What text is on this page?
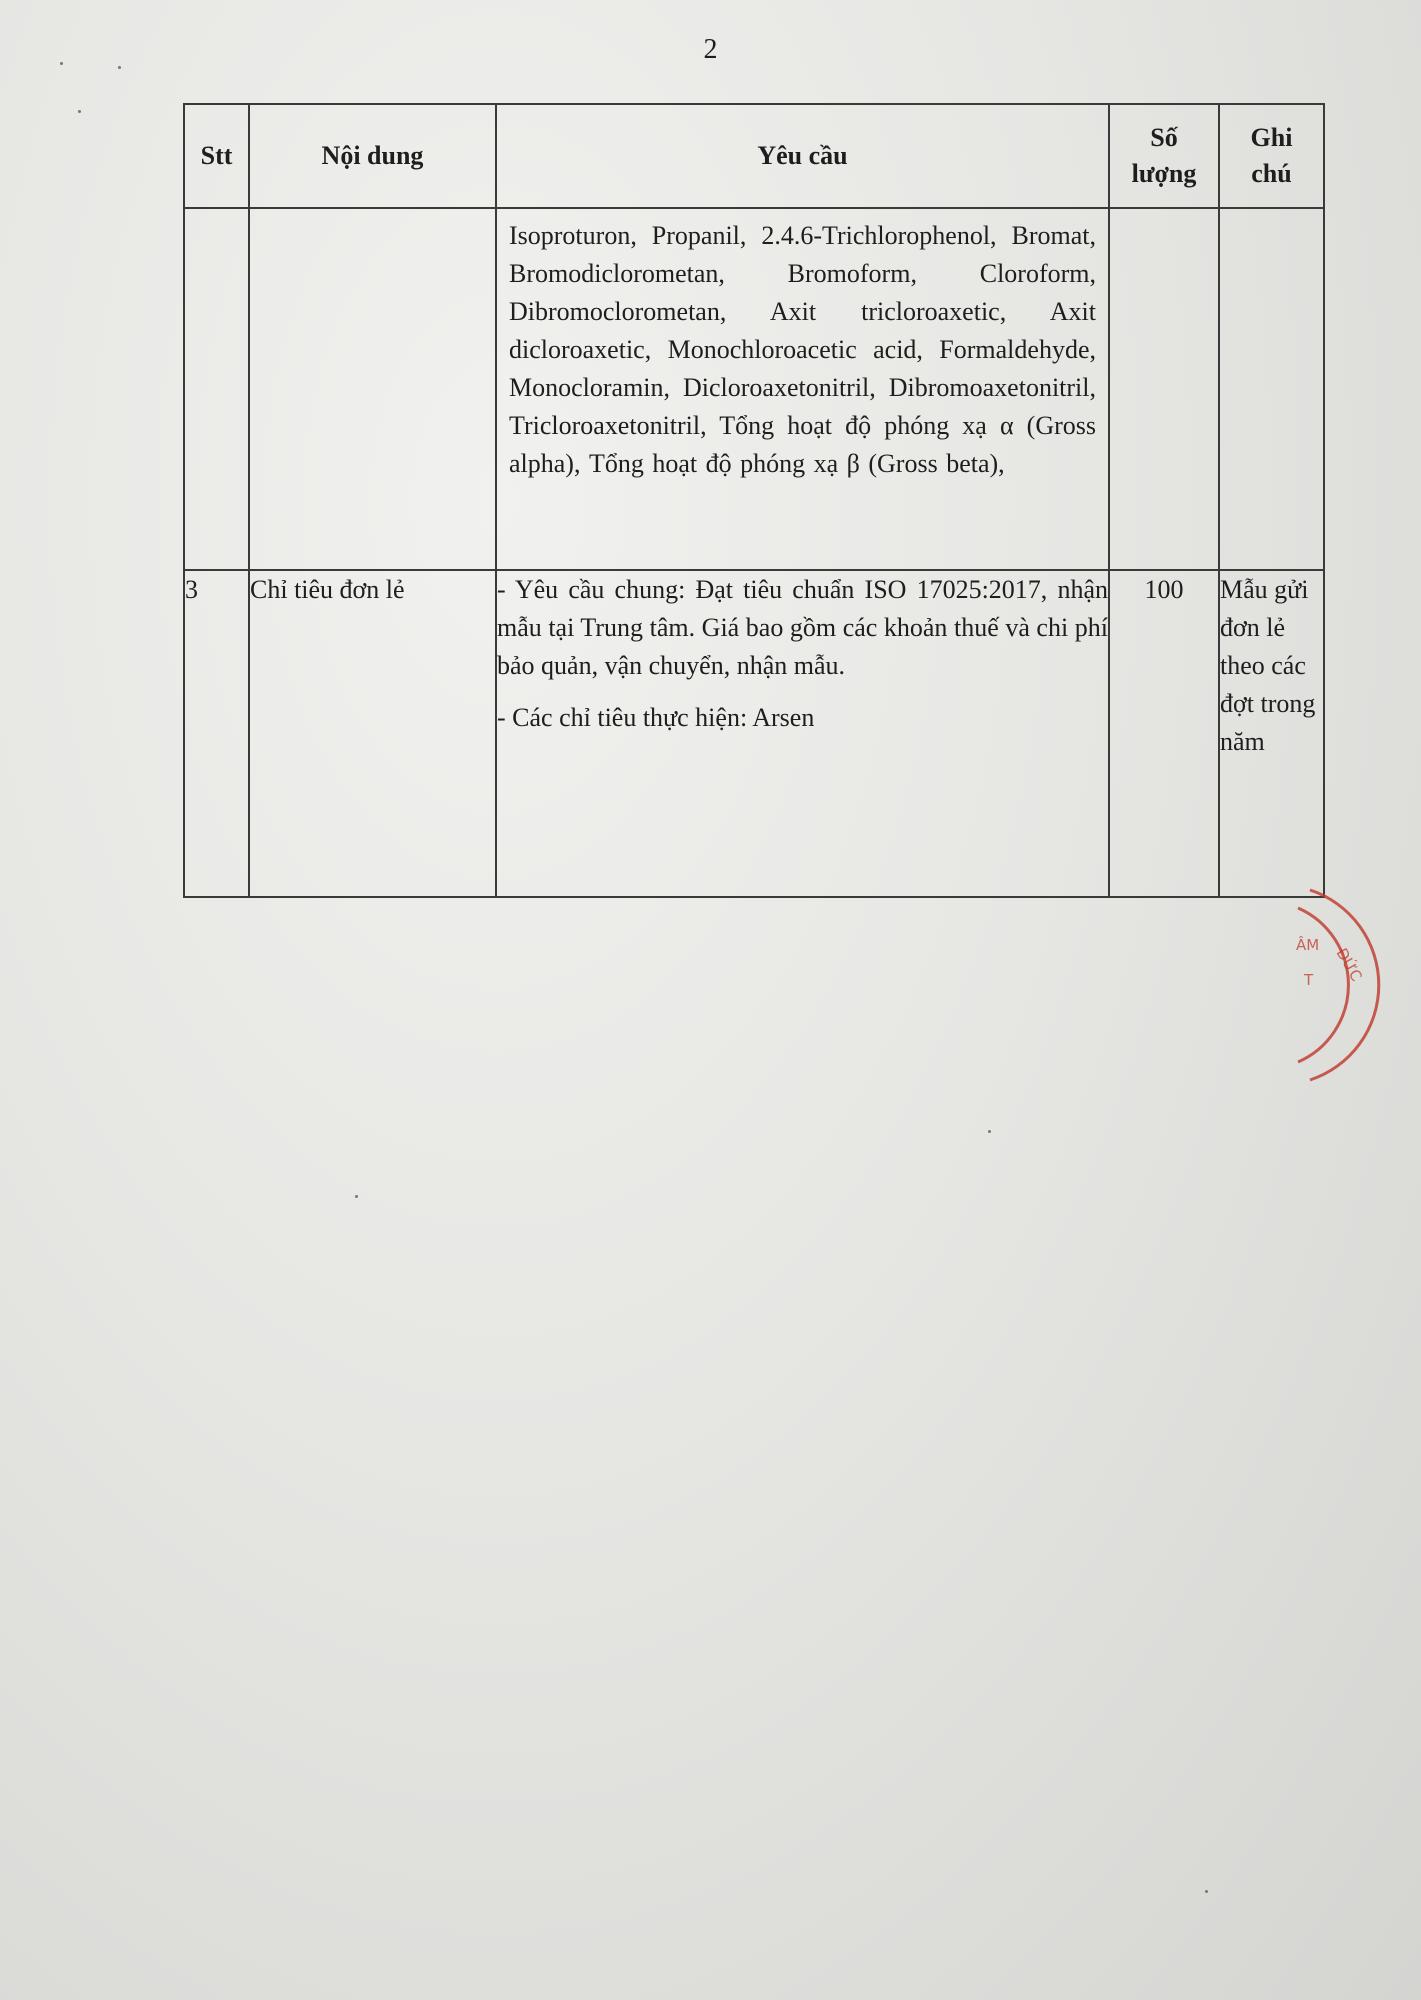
2
Stt	Nội dung	Yêu cầu	Số lượng	Ghi chú

		Isoproturon, Propanil, 2.4.6-Trichlorophenol, Bromat, Bromodiclorometan, Bromoform, Cloroform, Dibromoclorometan, Axit tricloroaxetic, Axit dicloroaxetic, Monochloroacetic acid, Formaldehyde, Monocloramin, Dicloroaxetonitril, Dibromoaxetonitril, Tricloroaxetonitril, Tổng hoạt độ phóng xạ α (Gross alpha), Tổng hoạt độ phóng xạ β (Gross beta),		

3	Chỉ tiêu đơn lẻ	- Yêu cầu chung: Đạt tiêu chuẩn ISO 17025:2017, nhận mẫu tại Trung tâm. Giá bao gồm các khoản thuế và chi phí bảo quản, vận chuyển, nhận mẫu.

- Các chỉ tiêu thực hiện: Arsen	100	Mẫu gửi đơn lẻ theo các đợt trong năm
ÂM
T ĐỨC
